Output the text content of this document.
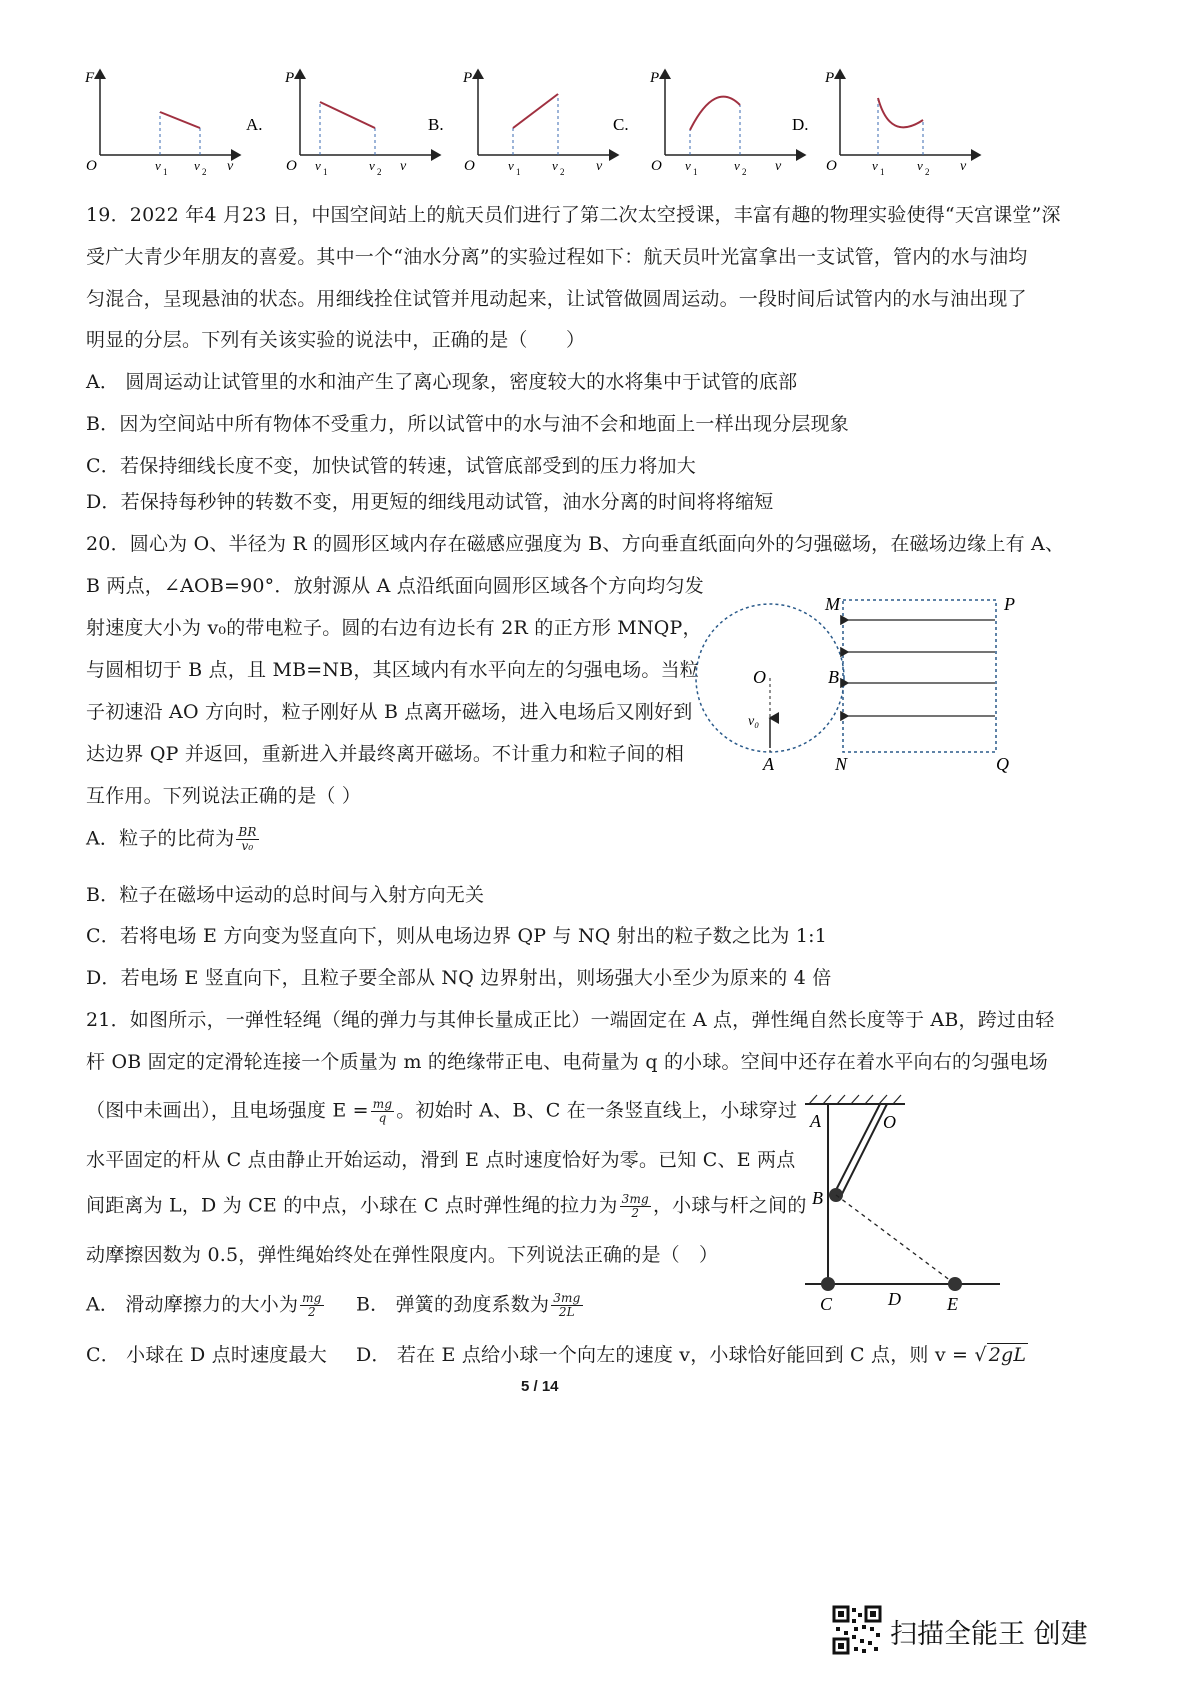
F
O	v 1 v 2 v
A.
P
O v 1	v 2 v
B.
P
O	v 1 v 2 v
C.
P
O v 1	v 2 v
D.
P
O	v 1	v 2 v
19．2022 年4 月23 日，中国空间站上的航天员们进行了第二次太空授课，丰富有趣的物理实验使得“天宫课堂”深
受广大青少年朋友的喜爱。其中一个“油水分离”的实验过程如下：航天员叶光富拿出一支试管，管内的水与油均
匀混合，呈现悬油的状态。用细线拴住试管并甩动起来，让试管做圆周运动。一段时间后试管内的水与油出现了
明显的分层。下列有关该实验的说法中，正确的是（　　）
A． 圆周运动让试管里的水和油产生了离心现象，密度较大的水将集中于试管的底部
B．因为空间站中所有物体不受重力，所以试管中的水与油不会和地面上一样出现分层现象
C．若保持细线长度不变，加快试管的转速，试管底部受到的压力将加大
D．若保持每秒钟的转数不变，用更短的细线甩动试管，油水分离的时间将将缩短
20．圆心为 O、半径为 R 的圆形区域内存在磁感应强度为 B、方向垂直纸面向外的匀强磁场，在磁场边缘上有 A、
B 两点，∠AOB=90°．放射源从 A 点沿纸面向圆形区域各个方向均匀发
射速度大小为 v₀的带电粒子。圆的右边有边长有 2R 的正方形 MNQP，
与圆相切于 B 点，且 MB=NB，其区域内有水平向左的匀强电场。当粒
子初速沿 AO 方向时，粒子刚好从 B 点离开磁场，进入电场后又刚好到
达边界 QP 并返回，重新进入并最终离开磁场。不计重力和粒子间的相
互作用。下列说法正确的是（ ）
A．粒子的比荷为 $\frac{BR}{\text{v₀}}$
B．粒子在磁场中运动的总时间与入射方向无关
C．若将电场 E 方向变为竖直向下，则从电场边界 QP 与 NQ 射出的粒子数之比为 1:1
D．若电场 E 竖直向下，且粒子要全部从 NQ 边界射出，则场强大小至少为原来的 4 倍
M	P
O	B
v₀
A	N	Q
21．如图所示，一弹性轻绳（绳的弹力与其伸长量成正比）一端固定在 A 点，弹性绳自然长度等于 AB，跨过由轻
杆 OB 固定的定滑轮连接一个质量为 m 的绝缘带正电、电荷量为 q 的小球。空间中还存在着水平向右的匀强电场
（图中未画出），且电场强度 $E = \frac{mg}{q}$ 。初始时 A、B、C 在一条竖直线上，小球穿过
水平固定的杆从 C 点由静止开始运动，滑到 E 点时速度恰好为零。已知 C、E 两点
间距离为 L，D 为 CE 的中点，小球在 C 点时弹性绳的拉力为 $\frac{3mg}{2}$ ，小球与杆之间的
动摩擦因数为 0.5，弹性绳始终处在弹性限度内。下列说法正确的是（　）
A． 滑动摩擦力的大小为 $\frac{mg}{2}$ B． 弹簧的劲度系数为 $\frac{3mg}{2L}$
C． 小球在 D 点时速度最大 D． 若在 E 点给小球一个向左的速度 v，小球恰好能回到 C 点，则 v = √ 2gL
A	O
B
C	D	E
5 / 14
扫描全能王 创建
